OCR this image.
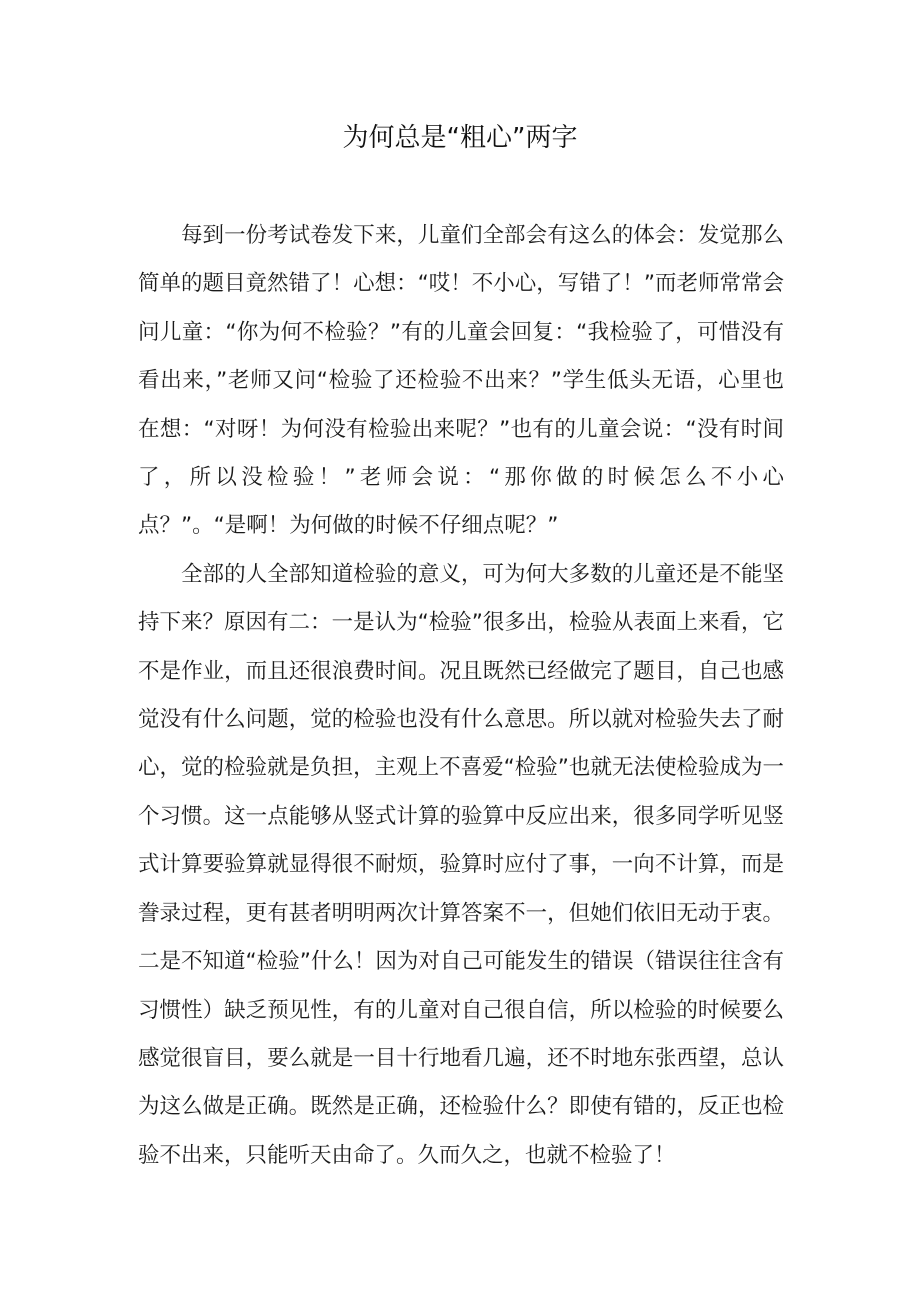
为何总是“粗心”两字

每到一份考试卷发下来，儿童们全部会有这么的体会：发觉那么简单的题目竟然错了！心想：“哎！不小心，写错了！”而老师常常会问儿童：“你为何不检验？”有的儿童会回复：“我检验了，可惜没有看出来，”老师又问“检验了还检验不出来？”学生低头无语，心里也在想：“对呀！为何没有检验出来呢？”也有的儿童会说：“没有时间了，所以没检验！”老师会说：“那你做的时候怎么不小心点？”。“是啊！为何做的时候不仔细点呢？”

全部的人全部知道检验的意义，可为何大多数的儿童还是不能坚持下来？原因有二：一是认为“检验”很多出，检验从表面上来看，它不是作业，而且还很浪费时间。况且既然已经做完了题目，自己也感觉没有什么问题，觉的检验也没有什么意思。所以就对检验失去了耐心，觉的检验就是负担，主观上不喜爱“检验”也就无法使检验成为一个习惯。这一点能够从竖式计算的验算中反应出来，很多同学听见竖式计算要验算就显得很不耐烦，验算时应付了事，一向不计算，而是誊录过程，更有甚者明明两次计算答案不一，但她们依旧无动于衷。二是不知道“检验”什么！因为对自己可能发生的错误（错误往往含有习惯性）缺乏预见性，有的儿童对自己很自信，所以检验的时候要么感觉很盲目，要么就是一目十行地看几遍，还不时地东张西望，总认为这么做是正确。既然是正确，还检验什么？即使有错的，反正也检验不出来，只能听天由命了。久而久之，也就不检验了！
